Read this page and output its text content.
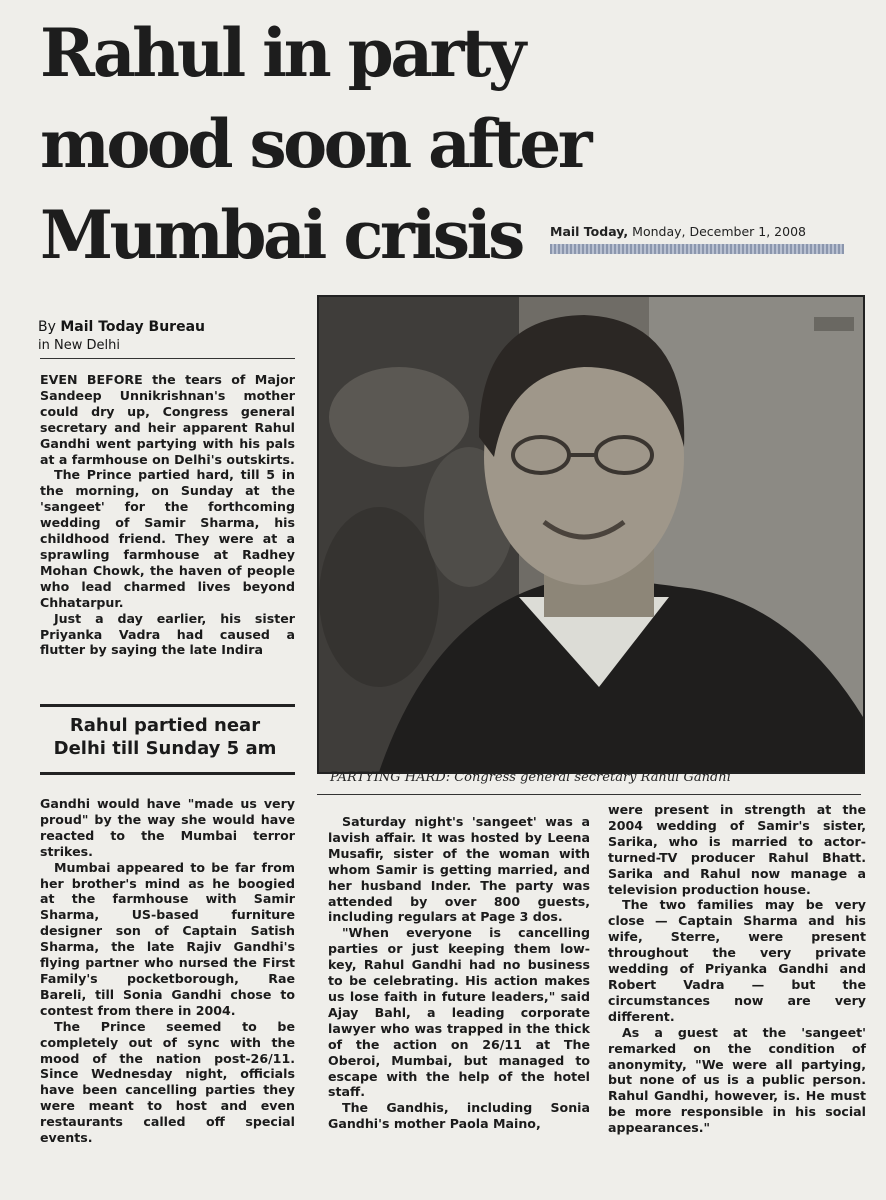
Rahul in party
mood soon after
Mumbai crisis	Mail Today, Monday, December 1, 2008
By Mail Today Bureau
in New Delhi

EVEN BEFORE the tears of Major Sandeep Unnikrishnan's mother could dry up, Congress general secretary and heir apparent Rahul Gandhi went partying with his pals at a farmhouse on Delhi's outskirts.

The Prince partied hard, till 5 in the morning, on Sunday at the 'sangeet' for the forthcoming wedding of Samir Sharma, his childhood friend. They were at a sprawling farmhouse at Radhey Mohan Chowk, the haven of people who lead charmed lives beyond Chhatarpur.

Just a day earlier, his sister Priyanka Vadra had caused a flutter by saying the late Indira

Rahul partied near
Delhi till Sunday 5 am

Gandhi would have "made us very proud" by the way she would have reacted to the Mumbai terror strikes.

Mumbai appeared to be far from her brother's mind as he boogied at the farmhouse with Samir Sharma, US-based furniture designer son of Captain Satish Sharma, the late Rajiv Gandhi's flying partner who nursed the First Family's pocketborough, Rae Bareli, till Sonia Gandhi chose to contest from there in 2004.

The Prince seemed to be completely out of sync with the mood of the nation post-26/11. Since Wednesday night, officials have been cancelling parties they were meant to host and even restaurants called off special events.

PARTYING HARD: Congress general secretary Rahul Gandhi

Saturday night's 'sangeet' was a lavish affair. It was hosted by Leena Musafir, sister of the woman with whom Samir is getting married, and her husband Inder. The party was attended by over 800 guests, including regulars at Page 3 dos.

"When everyone is cancelling parties or just keeping them low-key, Rahul Gandhi had no business to be celebrating. His action makes us lose faith in future leaders," said Ajay Bahl, a leading corporate lawyer who was trapped in the thick of the action on 26/11 at The Oberoi, Mumbai, but managed to escape with the help of the hotel staff.

The Gandhis, including Sonia Gandhi's mother Paola Maino,

were present in strength at the 2004 wedding of Samir's sister, Sarika, who is married to actor-turned-TV producer Rahul Bhatt. Sarika and Rahul now manage a television production house.

The two families may be very close — Captain Sharma and his wife, Sterre, were present throughout the very private wedding of Priyanka Gandhi and Robert Vadra — but the circumstances now are very different.

As a guest at the 'sangeet' remarked on the condition of anonymity, "We were all partying, but none of us is a public person. Rahul Gandhi, however, is. He must be more responsible in his social appearances."
